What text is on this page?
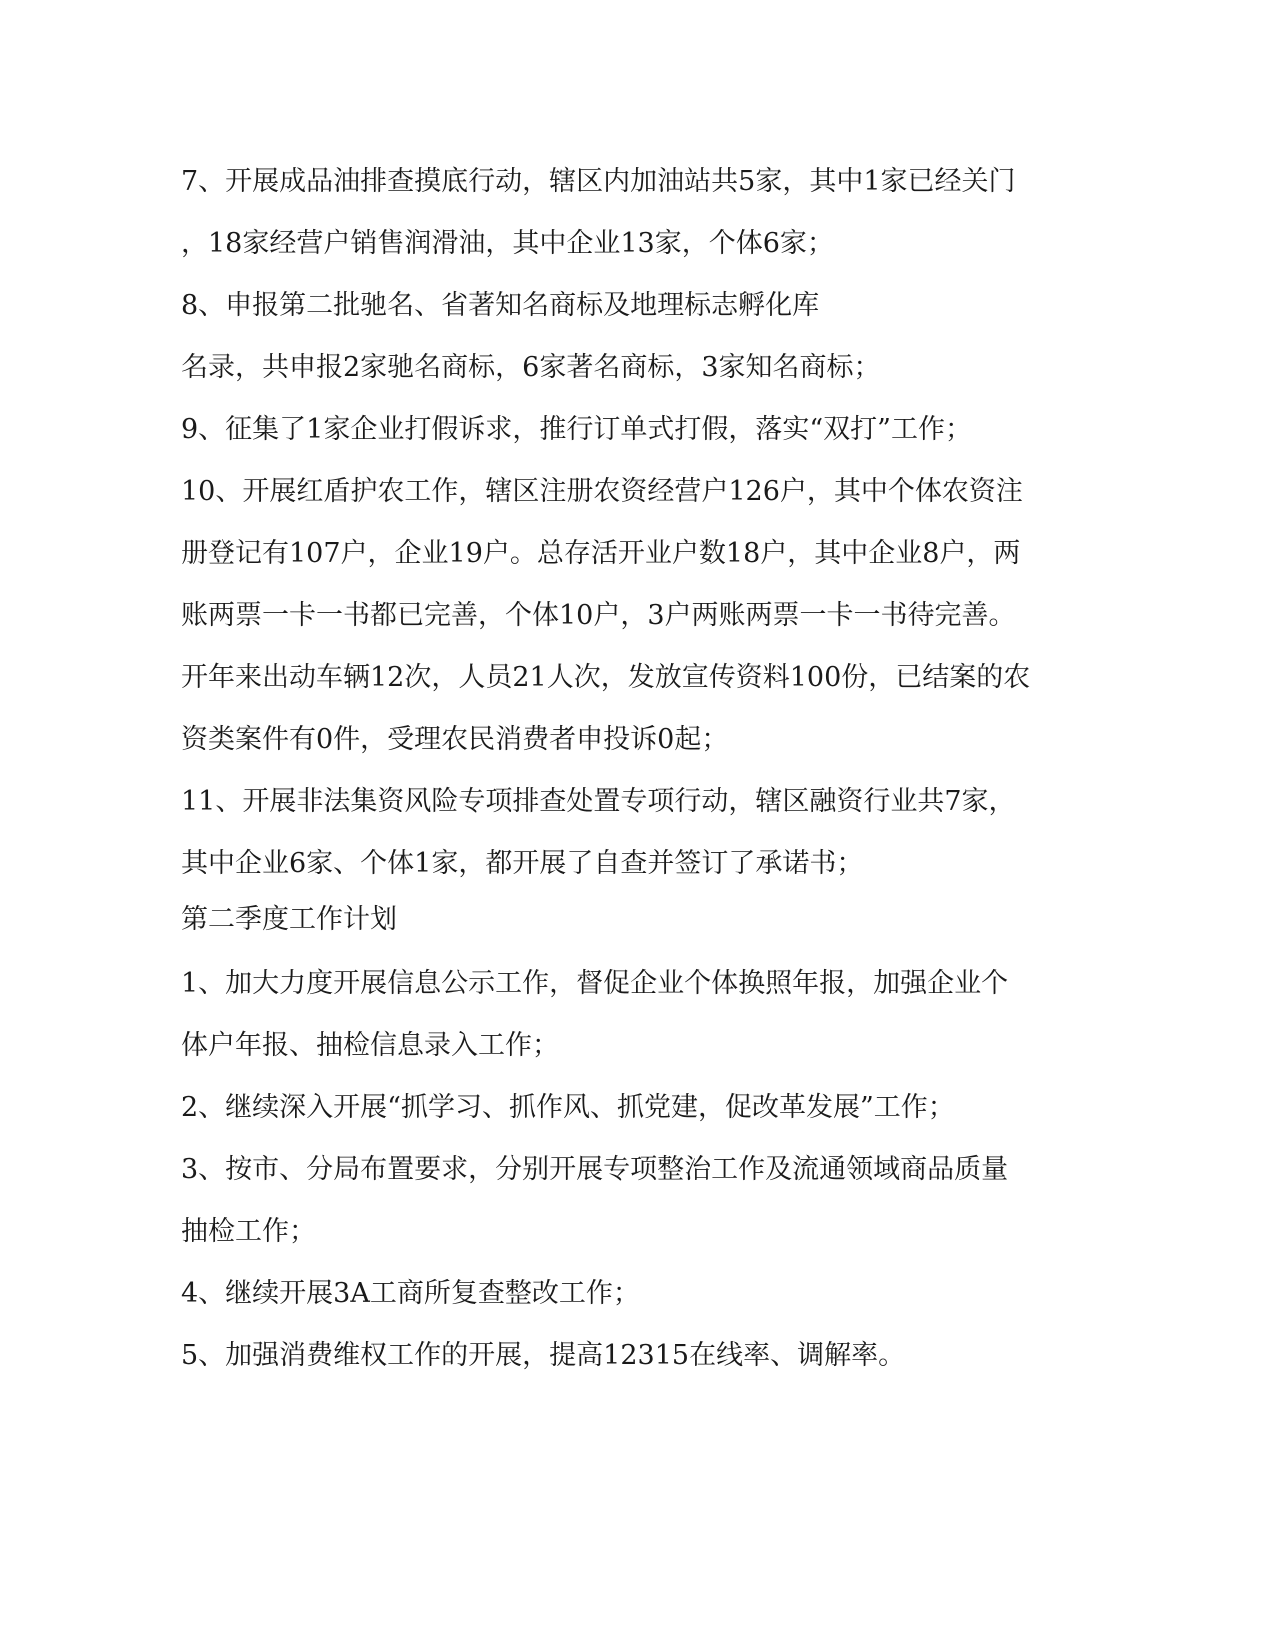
7、开展成品油排查摸底行动，辖区内加油站共5家，其中1家已经关门

，18家经营户销售润滑油，其中企业13家，个体6家；

8、申报第二批驰名、省著知名商标及地理标志孵化库

名录，共申报2家驰名商标，6家著名商标，3家知名商标；

9、征集了1家企业打假诉求，推行订单式打假，落实“双打”工作；

10、开展红盾护农工作，辖区注册农资经营户126户，其中个体农资注

册登记有107户，企业19户。总存活开业户数18户，其中企业8户，两

账两票一卡一书都已完善，个体10户，3户两账两票一卡一书待完善。

开年来出动车辆12次，人员21人次，发放宣传资料100份，已结案的农

资类案件有0件，受理农民消费者申投诉0起；

11、开展非法集资风险专项排查处置专项行动，辖区融资行业共7家，

其中企业6家、个体1家，都开展了自查并签订了承诺书；

第二季度工作计划

1、加大力度开展信息公示工作，督促企业个体换照年报，加强企业个

体户年报、抽检信息录入工作；

2、继续深入开展“抓学习、抓作风、抓党建，促改革发展”工作；

3、按市、分局布置要求，分别开展专项整治工作及流通领域商品质量

抽检工作；

4、继续开展3A工商所复查整改工作；

5、加强消费维权工作的开展，提高12315在线率、调解率。
